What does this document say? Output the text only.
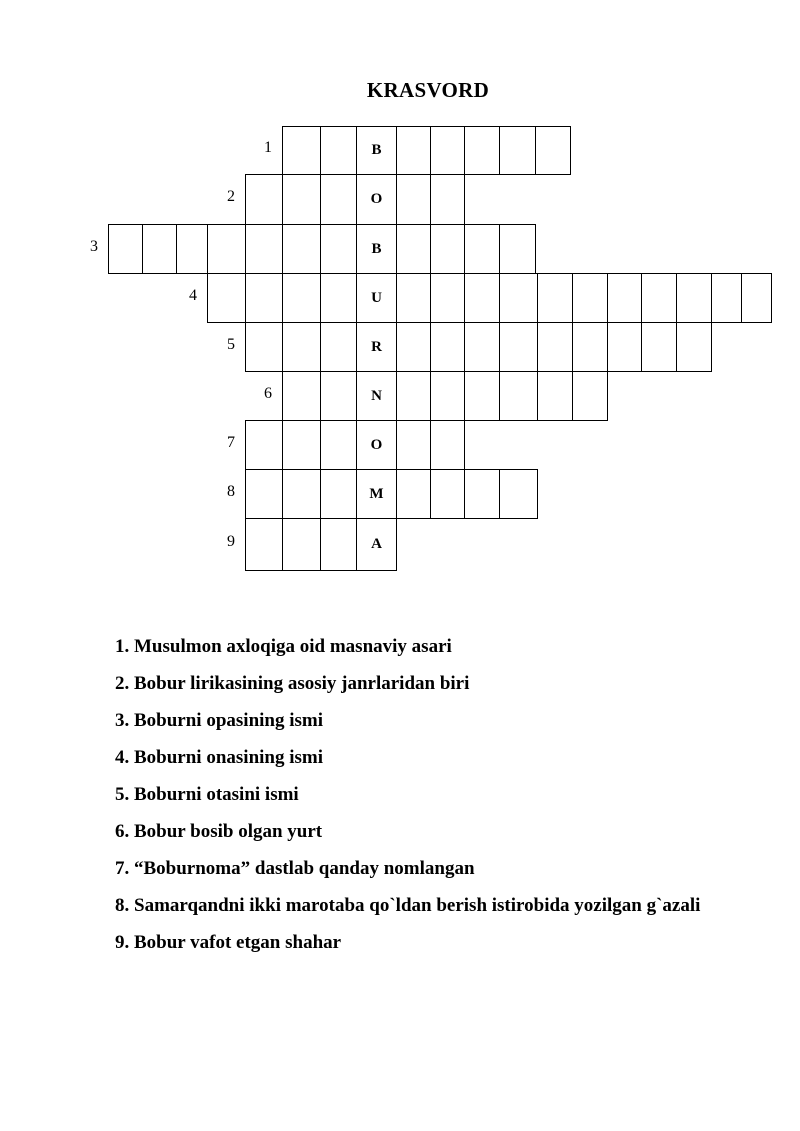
KRASVORD
1	B
2	O
3	B
4	U
5	R
6	N
7	O
8	M
9	A
1. Musulmon axloqiga oid masnaviy asari
2. Bobur lirikasining asosiy janrlaridan biri
3. Boburni opasining ismi
4. Boburni onasining ismi
5. Boburni otasini ismi
6. Bobur bosib olgan yurt
7. “Boburnoma” dastlab qanday nomlangan
8. Samarqandni ikki marotaba qo`ldan berish istirobida yozilgan g`azali
9. Bobur vafot etgan shahar
